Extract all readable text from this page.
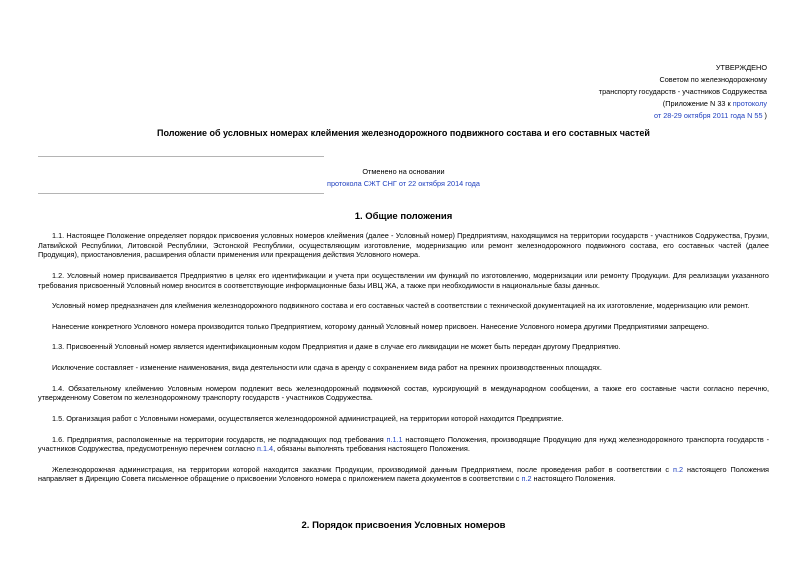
УТВЕРЖДЕНО
Советом по железнодорожному
транспорту государств - участников Содружества
(Приложение N 33 к протоколу
от 28-29 октября 2011 года N 55 )
Положение об условных номерах клеймения железнодорожного подвижного состава и его составных частей
Отменено на основании
протокола СЖТ СНГ от 22 октября 2014 года
1. Общие положения

1.1. Настоящее Положение определяет порядок присвоения условных номеров клеймения (далее - Условный номер) Предприятиям, находящимся на территории государств - участников Содружества, Грузии, Латвийской Республики, Литовской Республики, Эстонской Республики, осуществляющим изготовление, модернизацию или ремонт железнодорожного подвижного состава, его составных частей (далее Продукция), приостановления, расширения области применения или прекращения действия Условного номера.

1.2. Условный номер присваивается Предприятию в целях его идентификации и учета при осуществлении им функций по изготовлению, модернизации или ремонту Продукции. Для реализации указанного требования присвоенный Условный номер вносится в соответствующие информационные базы ИВЦ ЖА, а также при необходимости в национальные базы данных.

Условный номер предназначен для клеймения железнодорожного подвижного состава и его составных частей в соответствии с технической документацией на их изготовление, модернизацию или ремонт.

Нанесение конкретного Условного номера производится только Предприятием, которому данный Условный номер присвоен. Нанесение Условного номера другими Предприятиями запрещено.

1.3. Присвоенный Условный номер является идентификационным кодом Предприятия и даже в случае его ликвидации не может быть передан другому Предприятию.

Исключение составляет - изменение наименования, вида деятельности или сдача в аренду с сохранением вида работ на прежних производственных площадях.

1.4. Обязательному клеймению Условным номером подлежит весь железнодорожный подвижной состав, курсирующий в международном сообщении, а также его составные части согласно перечню, утвержденному Советом по железнодорожному транспорту государств - участников Содружества.

1.5. Организация работ с Условными номерами, осуществляется железнодорожной администрацией, на территории которой находится Предприятие.

1.6. Предприятия, расположенные на территории государств, не подпадающих под требования п.1.1 настоящего Положения, производящие Продукцию для нужд железнодорожного транспорта государств - участников Содружества, предусмотренную перечнем согласно п.1.4, обязаны выполнять требования настоящего Положения.

Железнодорожная администрация, на территории которой находится заказчик Продукции, производимой данным Предприятием, после проведения работ в соответствии с п.2 настоящего Положения направляет в Дирекцию Совета письменное обращение о присвоении Условного номера с приложением пакета документов в соответствии с п.2 настоящего Положения.

2. Порядок присвоения Условных номеров
